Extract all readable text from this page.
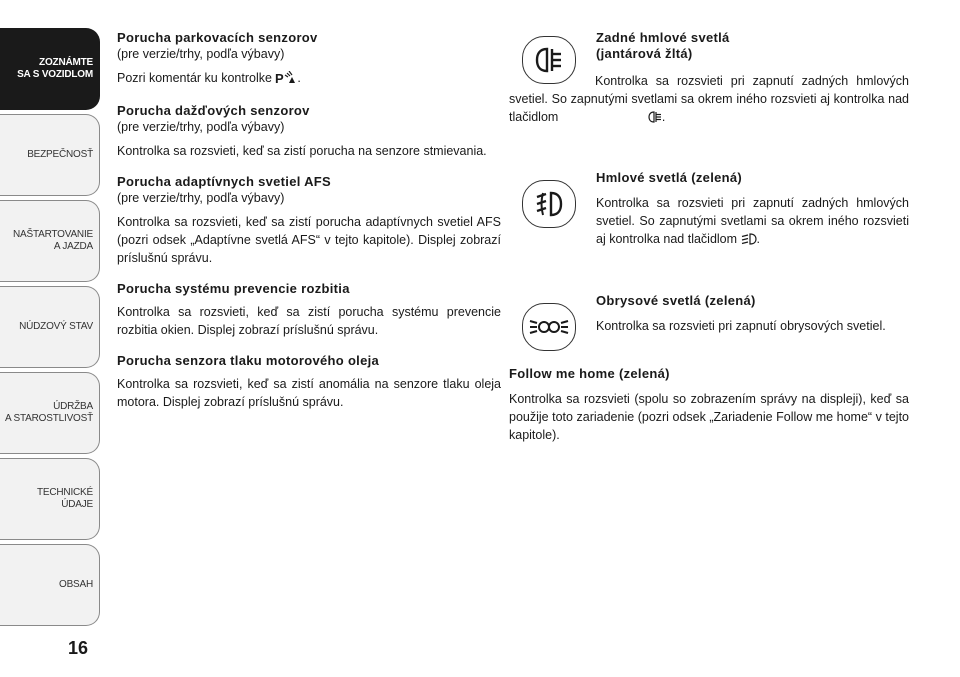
ZOZNÁMTE
SA S VOZIDLOM
BEZPEČNOSŤ
NAŠTARTOVANIE
A JAZDA
NÚDZOVÝ STAV
ÚDRŽBA
A STAROSTLIVOSŤ
TECHNICKÉ
ÚDAJE
OBSAH
16
Porucha parkovacích senzorov
(pre verzie/trhy, podľa výbavy)
Pozri komentár ku kontrolke P .
Porucha dažďových senzorov
(pre verzie/trhy, podľa výbavy)
Kontrolka sa rozsvieti, keď sa zistí porucha na senzore stmievania.
Porucha adaptívnych svetiel AFS
(pre verzie/trhy, podľa výbavy)
Kontrolka sa rozsvieti, keď sa zistí porucha adaptívnych svetiel AFS (pozri odsek „Adaptívne svetlá AFS“ v tejto kapitole). Displej zobrazí príslušnú správu.
Porucha systému prevencie rozbitia
Kontrolka sa rozsvieti, keď sa zistí porucha systému prevencie rozbitia okien. Displej zobrazí príslušnú správu.
Porucha senzora tlaku motorového oleja
Kontrolka sa rozsvieti, keď sa zistí anomália na senzore tlaku oleja motora. Displej zobrazí príslušnú správu.
Zadné hmlové svetlá
(jantárová žltá)
Kontrolka sa rozsvieti pri zapnutí zadných hmlových svetiel. So zapnutými svetlami sa okrem iného rozsvieti aj kontrolka nad tlačidlom	.
Hmlové svetlá (zelená)
Kontrolka sa rozsvieti pri zapnutí zadných hmlových svetiel. So zapnutými svetlami sa okrem iného rozsvieti aj kontrolka nad tlačidlom .
Obrysové svetlá (zelená)
Kontrolka sa rozsvieti pri zapnutí obrysových svetiel.
Follow me home (zelená)
Kontrolka sa rozsvieti (spolu so zobrazením správy na displeji), keď sa použije toto zariadenie (pozri odsek „Zariadenie Follow me home“ v tejto kapitole).
